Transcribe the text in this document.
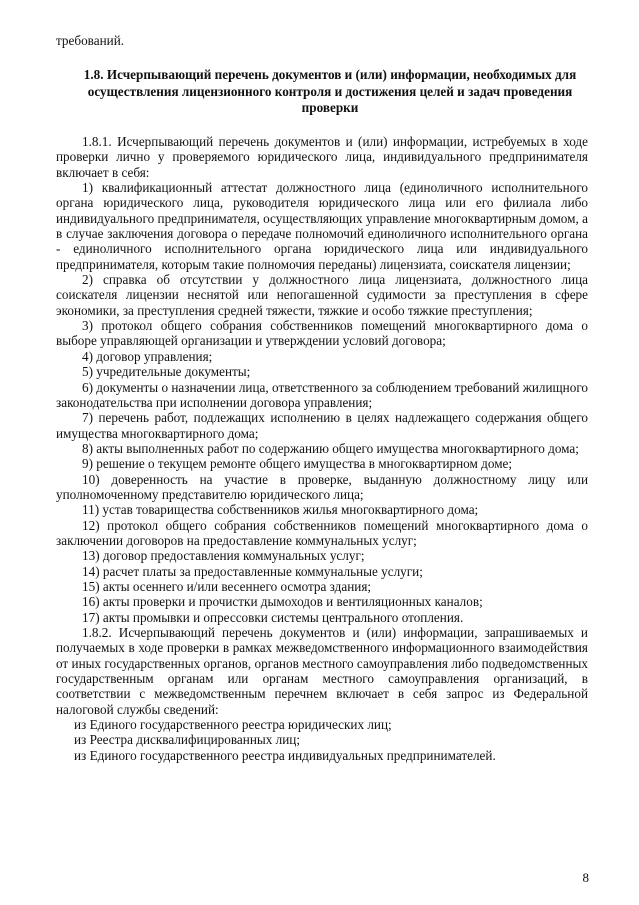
требований.
1.8. Исчерпывающий перечень документов и (или) информации, необходимых для осуществления лицензионного контроля и достижения целей и задач проведения проверки

1.8.1. Исчерпывающий перечень документов и (или) информации, истребуемых в ходе проверки лично у проверяемого юридического лица, индивидуального предпринимателя включает в себя:

1) квалификационный аттестат должностного лица (единоличного исполнительного органа юридического лица, руководителя юридического лица или его филиала либо индивидуального предпринимателя, осуществляющих управление многоквартирным домом, а в случае заключения договора о передаче полномочий единоличного исполнительного органа - единоличного исполнительного органа юридического лица или индивидуального предпринимателя, которым такие полномочия переданы) лицензиата, соискателя лицензии;

2) справка об отсутствии у должностного лица лицензиата, должностного лица соискателя лицензии неснятой или непогашенной судимости за преступления в сфере экономики, за преступления средней тяжести, тяжкие и особо тяжкие преступления;

3) протокол общего собрания собственников помещений многоквартирного дома о выборе управляющей организации и утверждении условий договора;

4) договор управления;

5) учредительные документы;

6) документы о назначении лица, ответственного за соблюдением требований жилищного законодательства при исполнении договора управления;

7) перечень работ, подлежащих исполнению в целях надлежащего содержания общего имущества многоквартирного дома;

8) акты выполненных работ по содержанию общего имущества многоквартирного дома;

9) решение о текущем ремонте общего имущества в многоквартирном доме;

10) доверенность на участие в проверке, выданную должностному лицу или уполномоченному представителю юридического лица;

11) устав товарищества собственников жилья многоквартирного дома;

12) протокол общего собрания собственников помещений многоквартирного дома о заключении договоров на предоставление коммунальных услуг;

13) договор предоставления коммунальных услуг;

14) расчет платы за предоставленные коммунальные услуги;

15) акты осеннего и/или весеннего осмотра здания;

16) акты проверки и прочистки дымоходов и вентиляционных каналов;

17) акты промывки и опрессовки системы центрального отопления.

1.8.2. Исчерпывающий перечень документов и (или) информации, запрашиваемых и получаемых в ходе проверки в рамках межведомственного информационного взаимодействия от иных государственных органов, органов местного самоуправления либо подведомственных государственным органам или органам местного самоуправления организаций, в соответствии с межведомственным перечнем включает в себя запрос из Федеральной налоговой службы сведений:

из Единого государственного реестра юридических лиц;

из Реестра дисквалифицированных лиц;

из Единого государственного реестра индивидуальных предпринимателей.

8
